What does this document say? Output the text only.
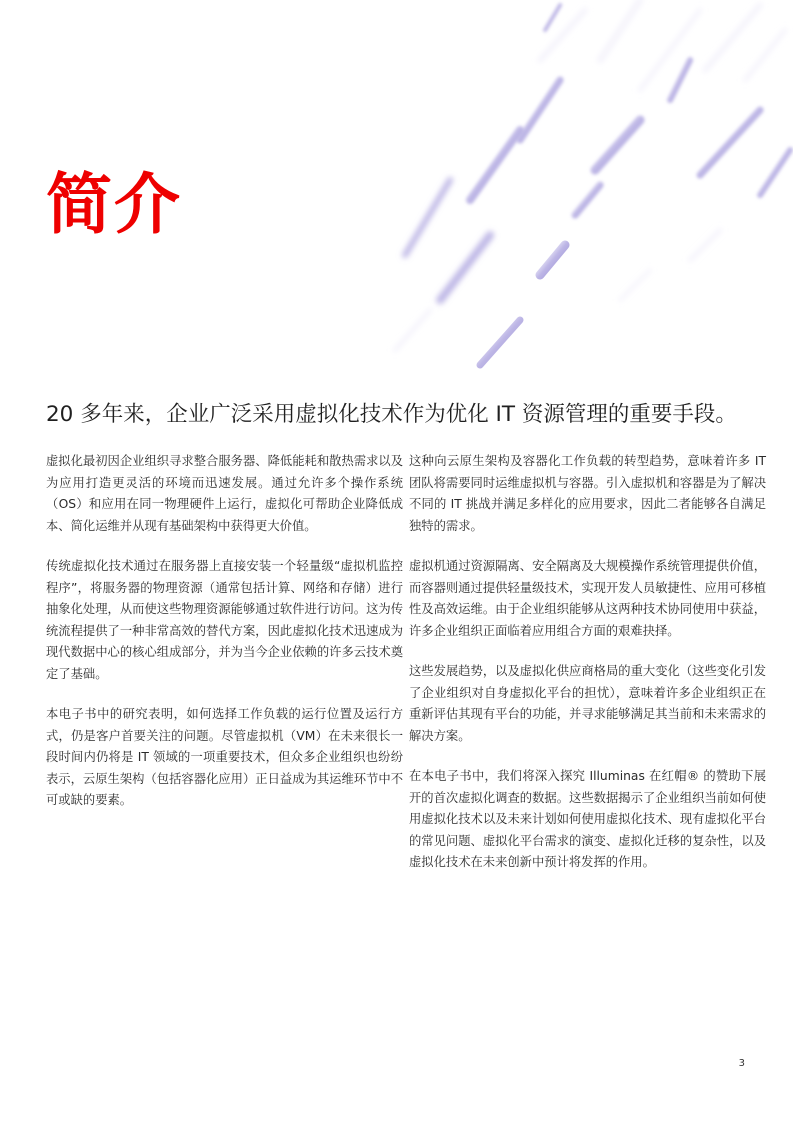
简介

20 多年来，企业广泛采用虚拟化技术作为优化 IT 资源管理的重要手段。

虚拟化最初因企业组织寻求整合服务器、降低能耗和散热需求以及为应用打造更灵活的环境而迅速发展。通过允许多个操作系统（OS）和应用在同一物理硬件上运行，虚拟化可帮助企业降低成本、简化运维并从现有基础架构中获得更大价值。

传统虚拟化技术通过在服务器上直接安装一个轻量级“虚拟机监控程序”，将服务器的物理资源（通常包括计算、网络和存储）进行抽象化处理，从而使这些物理资源能够通过软件进行访问。这为传统流程提供了一种非常高效的替代方案，因此虚拟化技术迅速成为现代数据中心的核心组成部分，并为当今企业依赖的许多云技术奠定了基础。

本电子书中的研究表明，如何选择工作负载的运行位置及运行方式，仍是客户首要关注的问题。尽管虚拟机（VM）在未来很长一段时间内仍将是 IT 领域的一项重要技术，但众多企业组织也纷纷表示，云原生架构（包括容器化应用）正日益成为其运维环节中不可或缺的要素。

这种向云原生架构及容器化工作负载的转型趋势，意味着许多 IT 团队将需要同时运维虚拟机与容器。引入虚拟机和容器是为了解决不同的 IT 挑战并满足多样化的应用要求，因此二者能够各自满足独特的需求。

虚拟机通过资源隔离、安全隔离及大规模操作系统管理提供价值，而容器则通过提供轻量级技术，实现开发人员敏捷性、应用可移植性及高效运维。由于企业组织能够从这两种技术协同使用中获益，许多企业组织正面临着应用组合方面的艰难抉择。

这些发展趋势，以及虚拟化供应商格局的重大变化（这些变化引发了企业组织对自身虚拟化平台的担忧），意味着许多企业组织正在重新评估其现有平台的功能，并寻求能够满足其当前和未来需求的解决方案。

在本电子书中，我们将深入探究 Illuminas 在红帽® 的赞助下展开的首次虚拟化调查的数据。这些数据揭示了企业组织当前如何使用虚拟化技术以及未来计划如何使用虚拟化技术、现有虚拟化平台的常见问题、虚拟化平台需求的演变、虚拟化迁移的复杂性，以及虚拟化技术在未来创新中预计将发挥的作用。

3
